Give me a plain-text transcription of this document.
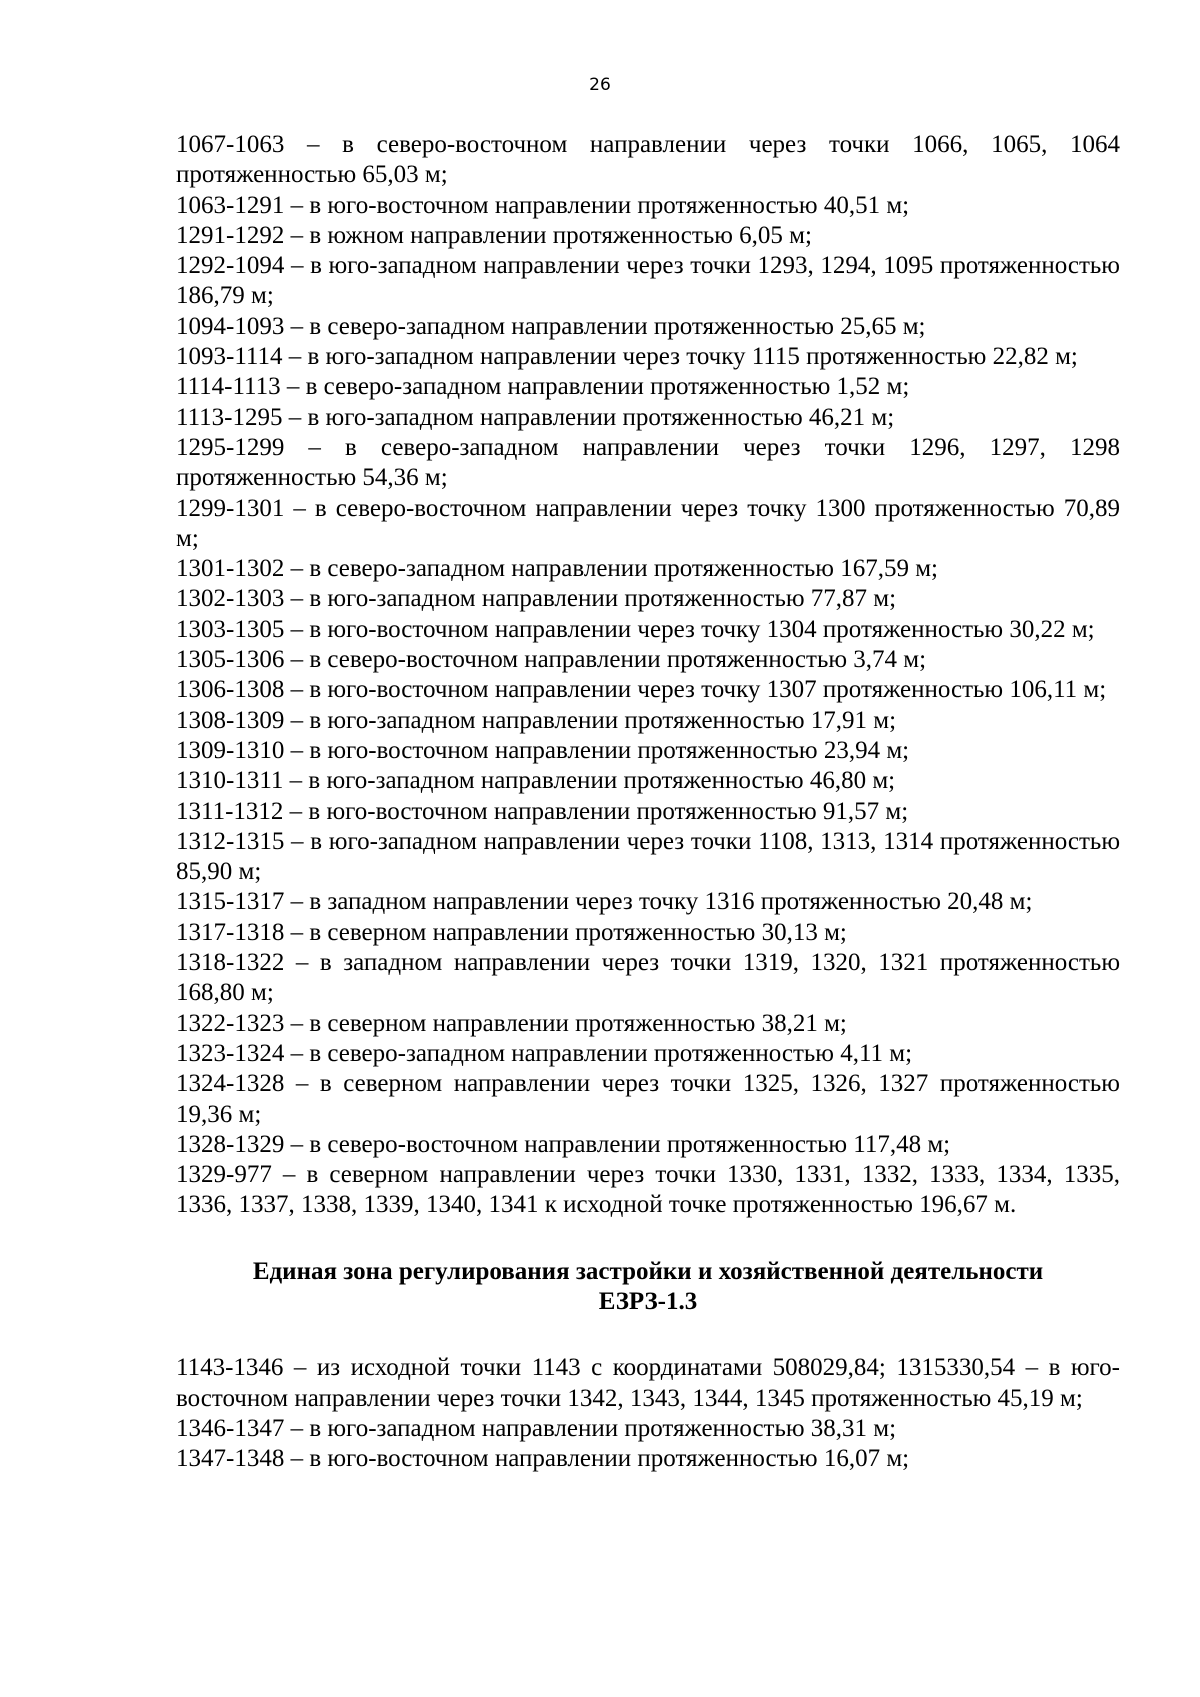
26

1067-1063 – в северо-восточном направлении через точки 1066, 1065, 1064 протяженностью 65,03 м;

1063-1291 – в юго-восточном направлении протяженностью 40,51 м;

1291-1292 – в южном направлении протяженностью 6,05 м;

1292-1094 – в юго-западном направлении через точки 1293, 1294, 1095 протяженностью 186,79 м;

1094-1093 – в северо-западном направлении протяженностью 25,65 м;

1093-1114 – в юго-западном направлении через точку 1115 протяженностью 22,82 м;

1114-1113 – в северо-западном направлении протяженностью 1,52 м;

1113-1295 – в юго-западном направлении протяженностью 46,21 м;

1295-1299 – в северо-западном направлении через точки 1296, 1297, 1298 протяженностью 54,36 м;

1299-1301 – в северо-восточном направлении через точку 1300 протяженностью 70,89 м;

1301-1302 – в северо-западном направлении протяженностью 167,59 м;

1302-1303 – в юго-западном направлении протяженностью 77,87 м;

1303-1305 – в юго-восточном направлении через точку 1304 протяженностью 30,22 м;

1305-1306 – в северо-восточном направлении протяженностью 3,74 м;

1306-1308 – в юго-восточном направлении через точку 1307 протяженностью 106,11 м;

1308-1309 – в юго-западном направлении протяженностью 17,91 м;

1309-1310 – в юго-восточном направлении протяженностью 23,94 м;

1310-1311 – в юго-западном направлении протяженностью 46,80 м;

1311-1312 – в юго-восточном направлении протяженностью 91,57 м;

1312-1315 – в юго-западном направлении через точки 1108, 1313, 1314 протяженностью 85,90 м;

1315-1317 – в западном направлении через точку 1316 протяженностью 20,48 м;

1317-1318 – в северном направлении протяженностью 30,13 м;

1318-1322 – в западном направлении через точки 1319, 1320, 1321 протяженностью 168,80 м;

1322-1323 – в северном направлении протяженностью 38,21 м;

1323-1324 – в северо-западном направлении протяженностью 4,11 м;

1324-1328 – в северном направлении через точки 1325, 1326, 1327 протяженностью 19,36 м;

1328-1329 – в северо-восточном направлении протяженностью 117,48 м;

1329-977 – в северном направлении через точки 1330, 1331, 1332, 1333, 1334, 1335, 1336, 1337, 1338, 1339, 1340, 1341 к исходной точке протяженностью 196,67 м.

Единая зона регулирования застройки и хозяйственной деятельности
ЕЗРЗ-1.3

1143-1346 – из исходной точки 1143 с координатами 508029,84; 1315330,54 – в юго-восточном направлении через точки 1342, 1343, 1344, 1345 протяженностью 45,19 м;

1346-1347 – в юго-западном направлении протяженностью 38,31 м;

1347-1348 – в юго-восточном направлении протяженностью 16,07 м;
